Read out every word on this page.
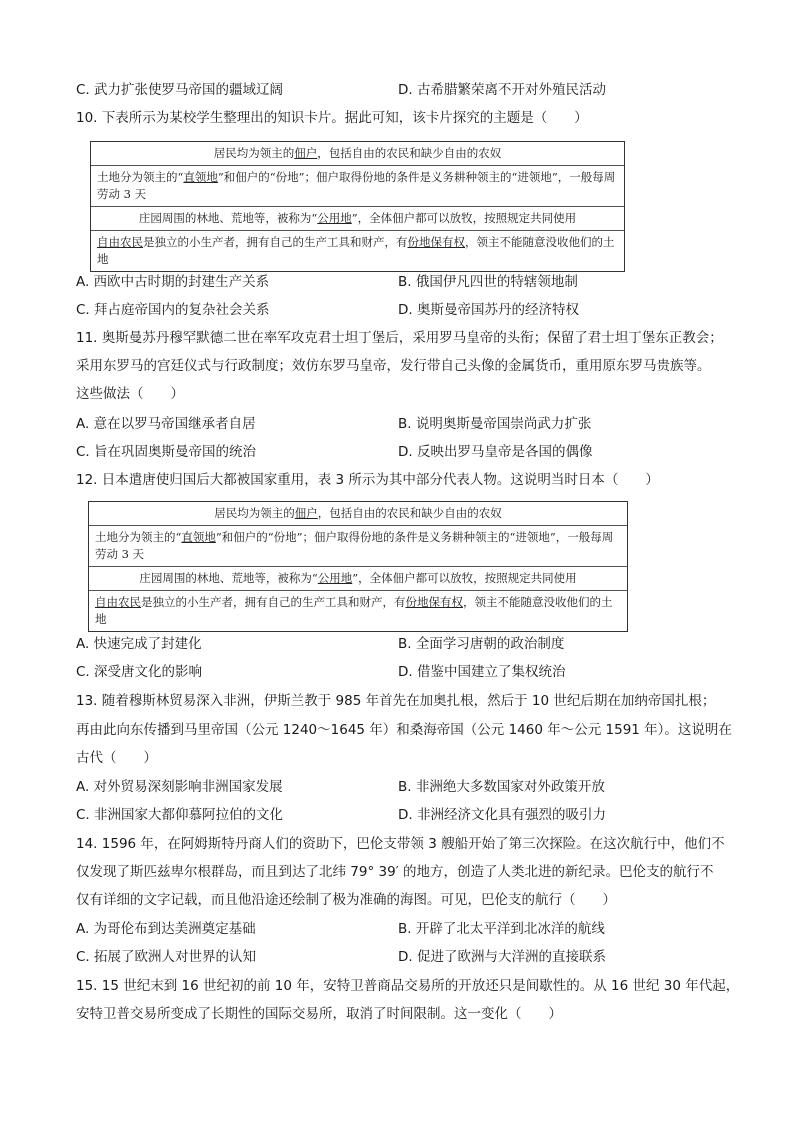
C. 武力扩张使罗马帝国的疆域辽阔	D. 古希腊繁荣离不开对外殖民活动
10. 下表所示为某校学生整理出的知识卡片。据此可知，该卡片探究的主题是（　　）
居民均为领主的佃户，包括自由的农民和缺少自由的农奴
土地分为领主的“直领地”和佃户的“份地”；佃户取得份地的条件是义务耕种领主的“进领地”，一般每周
劳动 3 天
庄园周围的林地、荒地等，被称为“公用地”，全体佃户都可以放牧，按照规定共同使用
自由农民是独立的小生产者，拥有自己的生产工具和财产，有份地保有权，领主不能随意没收他们的土地
A. 西欧中古时期的封建生产关系	B. 俄国伊凡四世的特辖领地制
C. 拜占庭帝国内的复杂社会关系	D. 奥斯曼帝国苏丹的经济特权
11. 奥斯曼苏丹穆罕默德二世在率军攻克君士坦丁堡后，采用罗马皇帝的头衔；保留了君士坦丁堡东正教会；
采用东罗马的宫廷仪式与行政制度；效仿东罗马皇帝，发行带自己头像的金属货币，重用原东罗马贵族等。
这些做法（　　）
A. 意在以罗马帝国继承者自居	B. 说明奥斯曼帝国崇尚武力扩张
C. 旨在巩固奥斯曼帝国的统治	D. 反映出罗马皇帝是各国的偶像
12. 日本遣唐使归国后大都被国家重用，表 3 所示为其中部分代表人物。这说明当时日本（　　）
居民均为领主的佃户，包括自由的农民和缺少自由的农奴
土地分为领主的“直领地”和佃户的“份地”；佃户取得份地的条件是义务耕种领主的“进领地”，一般每周
劳动 3 天
庄园周围的林地、荒地等，被称为“公用地”，全体佃户都可以放牧，按照规定共同使用
自由农民是独立的小生产者，拥有自己的生产工具和财产，有份地保有权，领主不能随意没收他们的土地
A. 快速完成了封建化	B. 全面学习唐朝的政治制度
C. 深受唐文化的影响	D. 借鉴中国建立了集权统治
13. 随着穆斯林贸易深入非洲，伊斯兰教于 985 年首先在加奥扎根，然后于 10 世纪后期在加纳帝国扎根；
再由此向东传播到马里帝国（公元 1240～1645 年）和桑海帝国（公元 1460 年～公元 1591 年）。这说明在
古代（　　）
A. 对外贸易深刻影响非洲国家发展	B. 非洲绝大多数国家对外政策开放
C. 非洲国家大都仰慕阿拉伯的文化	D. 非洲经济文化具有强烈的吸引力
14. 1596 年，在阿姆斯特丹商人们的资助下，巴伦支带领 3 艘船开始了第三次探险。在这次航行中，他们不
仅发现了斯匹兹卑尔根群岛，而且到达了北纬 79° 39′ 的地方，创造了人类北进的新纪录。巴伦支的航行不
仅有详细的文字记载，而且他沿途还绘制了极为准确的海图。可见，巴伦支的航行（　　）
A. 为哥伦布到达美洲奠定基础	B. 开辟了北太平洋到北冰洋的航线
C. 拓展了欧洲人对世界的认知	D. 促进了欧洲与大洋洲的直接联系
15. 15 世纪末到 16 世纪初的前 10 年，安特卫普商品交易所的开放还只是间歇性的。从 16 世纪 30 年代起，
安特卫普交易所变成了长期性的国际交易所，取消了时间限制。这一变化（　　）
